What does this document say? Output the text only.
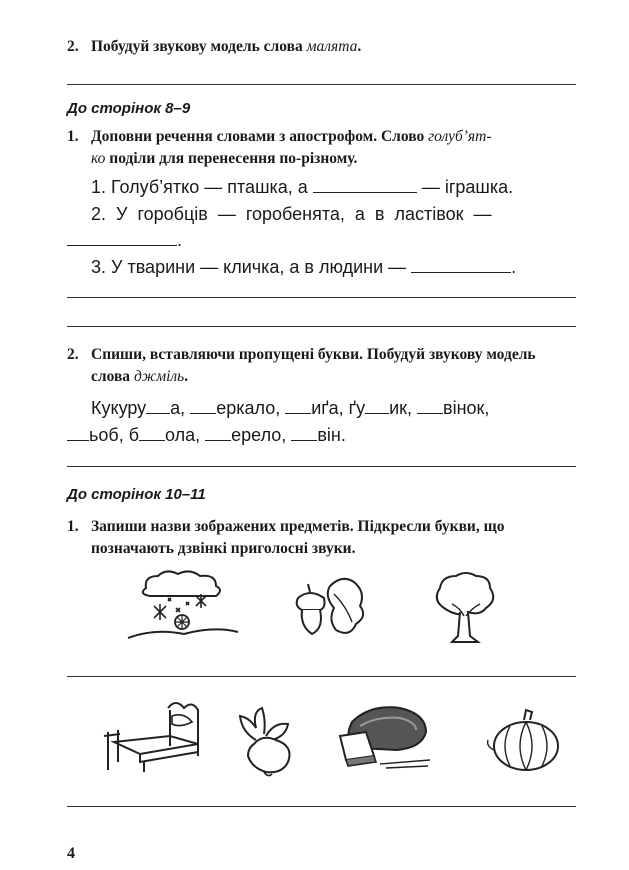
2. Побудуй звукову модель слова малята.
До сторінок 8–9
1. Доповни речення словами з апострофом. Слово голуб’ят-
ко поділи для перенесення по-різному.
1. Голуб’ятко — пташка, а	— іграшка.
2. У горобців — горобенята, а в ластівок —
.
3. У тварини — кличка, а в людини —	.
2. Спиши, вставляючи пропущені букви. Побудуй звукову модель слова джміль.
Кукуру а, еркало, иґа, ґу ик, вінок,
ьоб, б ола, ерело, він.
До сторінок 10–11
1. Запиши назви зображених предметів. Підкресли букви, що позначають дзвінкі приголосні звуки.
4
